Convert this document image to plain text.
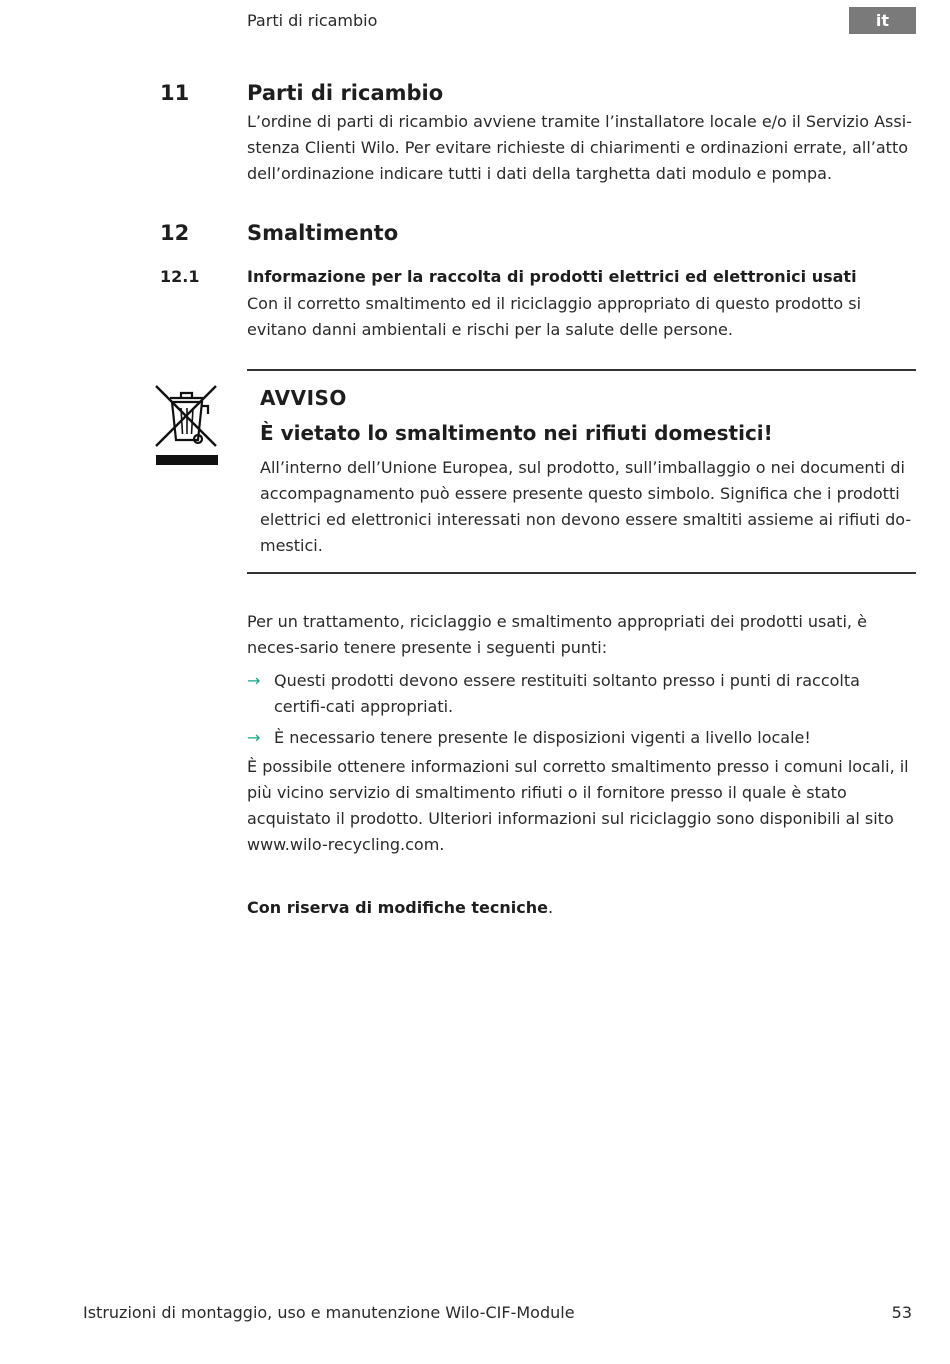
Parti di ricambio	it
11	Parti di ricambio
L’ordine di parti di ricambio avviene tramite l’installatore locale e/o il Servizio Assi-stenza Clienti Wilo. Per evitare richieste di chiarimenti e ordinazioni errate, all’atto dell’ordinazione indicare tutti i dati della targhetta dati modulo e pompa.
12	Smaltimento
12.1	Informazione per la raccolta di prodotti elettrici ed elettronici usati
Con il corretto smaltimento ed il riciclaggio appropriato di questo prodotto si evitano danni ambientali e rischi per la salute delle persone.
AVVISO
È vietato lo smaltimento nei rifiuti domestici!
All’interno dell’Unione Europea, sul prodotto, sull’imballaggio o nei documenti di accompagnamento può essere presente questo simbolo. Significa che i prodotti elettrici ed elettronici interessati non devono essere smaltiti assieme ai rifiuti do-mestici.
Per un trattamento, riciclaggio e smaltimento appropriati dei prodotti usati, è neces-sario tenere presente i seguenti punti:
→ Questi prodotti devono essere restituiti soltanto presso i punti di raccolta certifi-cati appropriati.
→ È necessario tenere presente le disposizioni vigenti a livello locale!
È possibile ottenere informazioni sul corretto smaltimento presso i comuni locali, il più vicino servizio di smaltimento rifiuti o il fornitore presso il quale è stato acquistato il prodotto. Ulteriori informazioni sul riciclaggio sono disponibili al sito www.wilo-recycling.com.
Con riserva di modifiche tecniche.
Istruzioni di montaggio, uso e manutenzione Wilo-CIF-Module	53
